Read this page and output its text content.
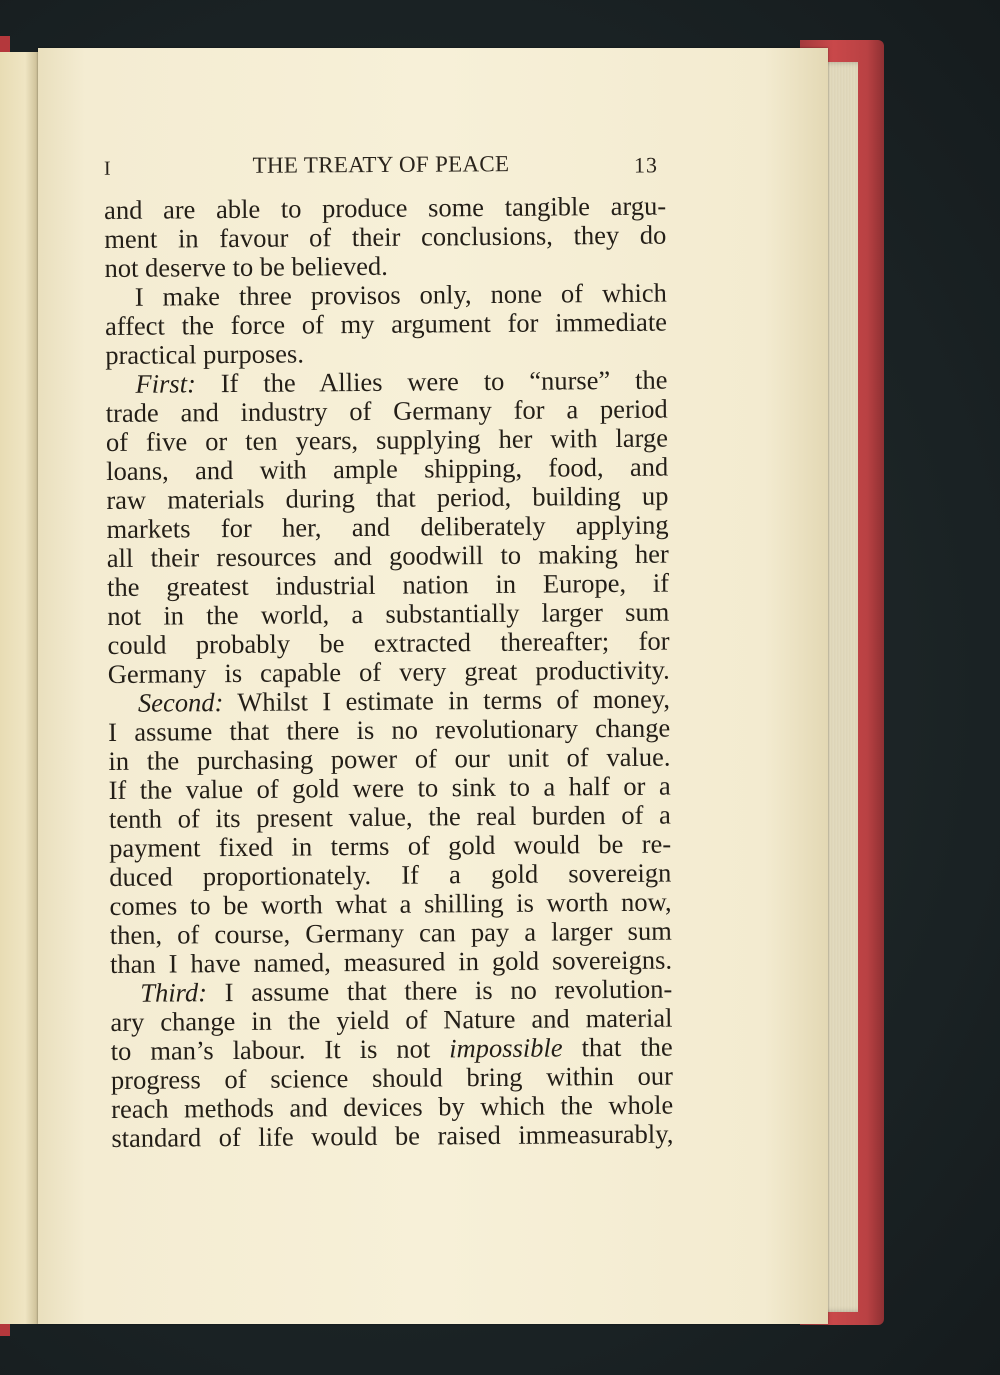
I	THE TREATY OF PEACE	13
and are able to produce some tangible argu-
ment in favour of their conclusions, they do
not deserve to be believed.
I make three provisos only, none of which
affect the force of my argument for immediate
practical purposes.
First: If the Allies were to “nurse” the
trade and industry of Germany for a period
of five or ten years, supplying her with large
loans, and with ample shipping, food, and
raw materials during that period, building up
markets for her, and deliberately applying
all their resources and goodwill to making her
the greatest industrial nation in Europe, if
not in the world, a substantially larger sum
could probably be extracted thereafter; for
Germany is capable of very great productivity.
Second: Whilst I estimate in terms of money,
I assume that there is no revolutionary change
in the purchasing power of our unit of value.
If the value of gold were to sink to a half or a
tenth of its present value, the real burden of a
payment fixed in terms of gold would be re-
duced proportionately. If a gold sovereign
comes to be worth what a shilling is worth now,
then, of course, Germany can pay a larger sum
than I have named, measured in gold sovereigns.
Third: I assume that there is no revolution-
ary change in the yield of Nature and material
to man’s labour. It is not impossible that the
progress of science should bring within our
reach methods and devices by which the whole
standard of life would be raised immeasurably,
